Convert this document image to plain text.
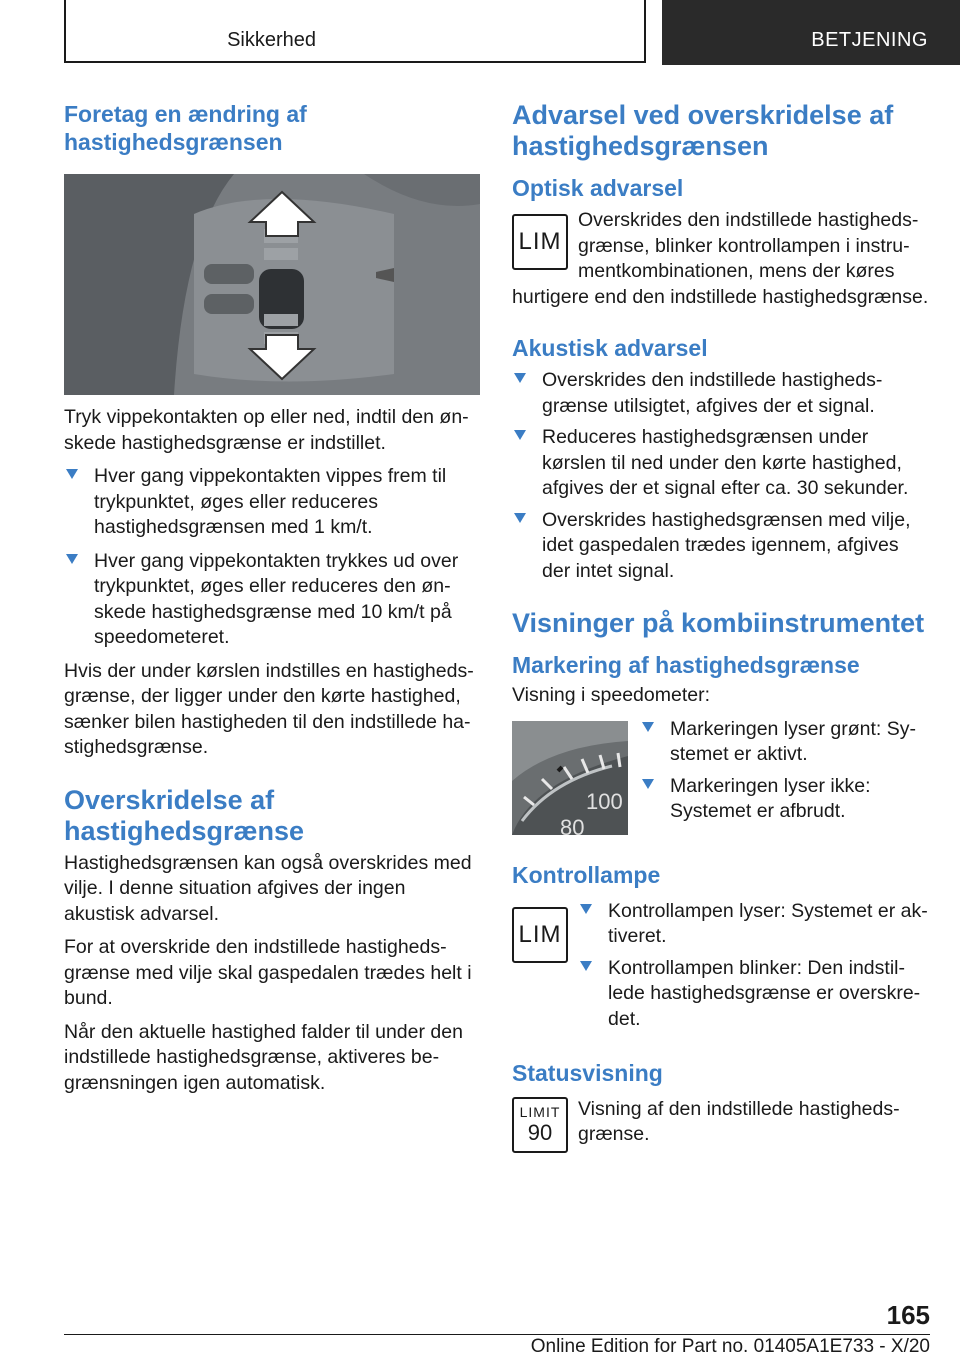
Sikkerhed	BETJENING
Foretag en ændring af hastighedsgrænsen

Tryk vippekontakten op eller ned, indtil den ønskede hastighedsgrænse er indstillet.

Hver gang vippekontakten vippes frem til trykpunktet, øges eller reduceres hastighedsgrænsen med 1 km/t.
Hver gang vippekontakten trykkes ud over trykpunktet, øges eller reduceres den ønskede hastighedsgrænse med 10 km/t på speedometeret.

Hvis der under kørslen indstilles en hastighedsgrænse, der ligger under den kørte hastighed, sænker bilen hastigheden til den indstillede hastighedsgrænse.

Overskridelse af hastighedsgrænse

Hastighedsgrænsen kan også overskrides med vilje. I denne situation afgives der ingen akustisk advarsel.

For at overskride den indstillede hastighedsgrænse med vilje skal gaspedalen trædes helt i bund.

Når den aktuelle hastighed falder til under den indstillede hastighedsgrænse, aktiveres begrænsningen igen automatisk.

Advarsel ved overskridelse af hastighedsgrænsen
Optisk advarsel
LIM

Overskrides den indstillede hastighedsgrænse, blinker kontrollampen i instrumentkombinationen, mens der køres hurtigere end den indstillede hastighedsgrænse.

Akustisk advarsel
Overskrides den indstillede hastighedsgrænse utilsigtet, afgives der et signal.
Reduceres hastighedsgrænsen under kørslen til ned under den kørte hastighed, afgives der et signal efter ca. 30 sekunder.
Overskrides hastighedsgrænsen med vilje, idet gaspedalen trædes igennem, afgives der intet signal.
Visninger på kombiinstrumentet
Markering af hastighedsgrænse

Visning i speedometer:

100
80
Markeringen lyser grønt: Systemet er aktivt.
Markeringen lyser ikke: Systemet er afbrudt.
Kontrollampe
LIM
Kontrollampen lyser: Systemet er aktiveret.
Kontrollampen blinker: Den indstillede hastighedsgrænse er overskredet.
Statusvisning
LIMIT
90

Visning af den indstillede hastighedsgrænse.

165
Online Edition for Part no. 01405A1E733 - X/20
